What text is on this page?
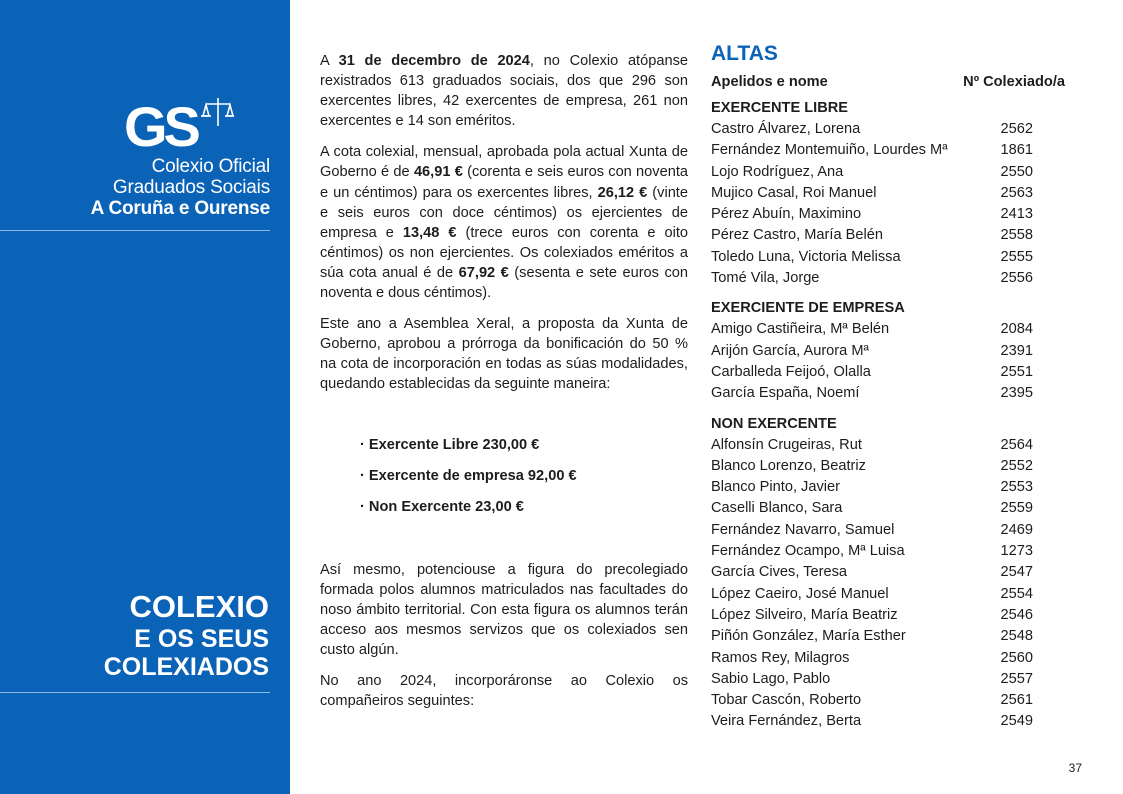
GS
Colexio Oficial
Graduados Sociais
A Coruña e Ourense
COLEXIO
E OS SEUS
COLEXIADOS

A 31 de decembro de 2024, no Colexio atópanse rexistrados 613 graduados sociais, dos que 296 son exercentes libres, 42 exercentes de empresa, 261 non exercentes e 14 son eméritos.

A cota colexial, mensual, aprobada pola actual Xunta de Goberno é de 46,91 € (corenta e seis euros con noventa e un céntimos) para os exercentes libres, 26,12 € (vinte e seis euros con doce céntimos) os ejercientes de empresa e 13,48 € (trece euros con corenta e oito céntimos) os non ejercientes. Os colexiados eméritos a súa cota anual é de 67,92 € (sesenta e sete euros con noventa e dous céntimos).

Este ano a Asemblea Xeral, a proposta da Xunta de Goberno, aprobou a prórroga da bonificación do 50 % na cota de incorporación en todas as súas modalidades, quedando establecidas da seguinte maneira:

· Exercente Libre 230,00 €
· Exercente de empresa 92,00 €
· Non Exercente 23,00 €

Así mesmo, potenciouse a figura do precolegiado formada polos alumnos matriculados nas facultades do noso ámbito territorial. Con esta figura os alumnos terán acceso aos mesmos servizos que os colexiados sen custo algún.

No ano 2024, incorporáronse ao Colexio os compañeiros seguintes:

ALTAS
Apelidos e nome	Nº Colexiado/a
EXERCENTE LIBRE
Castro Álvarez, Lorena	2562
Fernández Montemuiño, Lourdes Mª	1861
Lojo Rodríguez, Ana	2550
Mujico Casal, Roi Manuel	2563
Pérez Abuín, Maximino	2413
Pérez Castro, María Belén	2558
Toledo Luna, Victoria Melissa	2555
Tomé Vila, Jorge	2556
EXERCIENTE DE EMPRESA
Amigo Castiñeira, Mª Belén	2084
Arijón García, Aurora Mª	2391
Carballeda Feijoó, Olalla	2551
García España, Noemí	2395
NON EXERCENTE
Alfonsín Crugeiras, Rut	2564
Blanco Lorenzo, Beatriz	2552
Blanco Pinto, Javier	2553
Caselli Blanco, Sara	2559
Fernández Navarro, Samuel	2469
Fernández Ocampo, Mª Luisa	1273
García Cives, Teresa	2547
López Caeiro, José Manuel	2554
López Silveiro, María Beatriz	2546
Piñón González, María Esther	2548
Ramos Rey, Milagros	2560
Sabio Lago, Pablo	2557
Tobar Cascón, Roberto	2561
Veira Fernández, Berta	2549
37
